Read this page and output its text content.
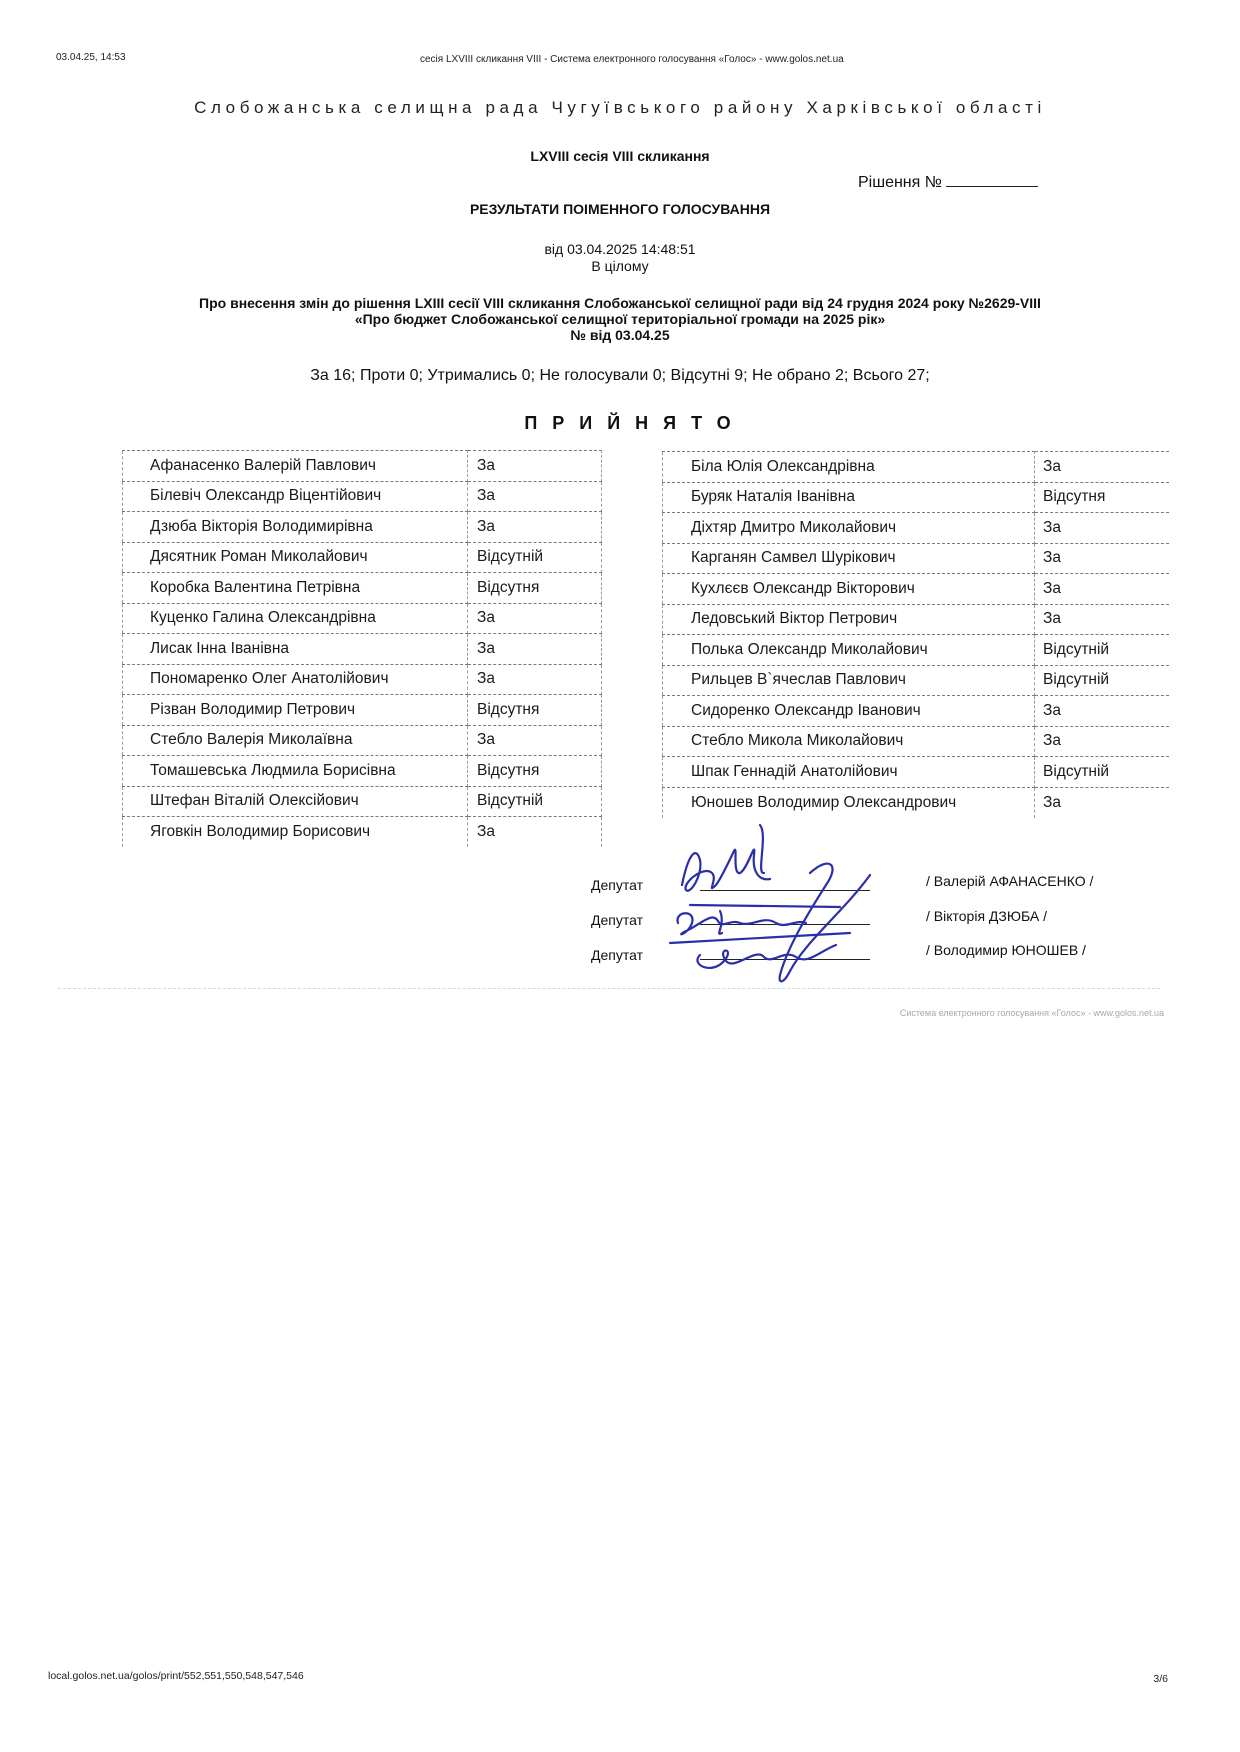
03.04.25, 14:53	сесія LXVIII скликання VIII - Система електронного голосування «Голос» - www.golos.net.ua
Слобожанська селищна рада Чугуївського району Харківської області
LXVIII сесія VIII скликання
Рішення №
РЕЗУЛЬТАТИ ПОІМЕННОГО ГОЛОСУВАННЯ
від 03.04.2025 14:48:51
В цілому
Про внесення змін до рішення LXIII сесії VIII скликання Слобожанської селищної ради від 24 грудня 2024 року №2629-VIII
«Про бюджет Слобожанської селищної територіальної громади на 2025 рік»
№ від 03.04.25
За 16; Проти 0; Утримались 0; Не голосували 0; Відсутні 9; Не обрано 2; Всього 27;
ПРИЙНЯТО
Афанасенко Валерій Павлович	За
Білевіч Олександр Віцентійович	За
Дзюба Вікторія Володимирівна	За
Дясятник Роман Миколайович	Відсутній
Коробка Валентина Петрівна	Відсутня
Куценко Галина Олександрівна	За
Лисак Інна Іванівна	За
Пономаренко Олег Анатолійович	За
Різван Володимир Петрович	Відсутня
Стебло Валерія Миколаївна	За
Томашевська Людмила Борисівна	Відсутня
Штефан Віталій Олексійович	Відсутній
Яговкін Володимир Борисович	За
Біла Юлія Олександрівна	За
Буряк Наталія Іванівна	Відсутня
Діхтяр Дмитро Миколайович	За
Карганян Самвел Шурікович	За
Кухлєєв Олександр Вікторович	За
Ледовський Віктор Петрович	За
Полька Олександр Миколайович	Відсутній
Рильцев В`ячеслав Павлович	Відсутній
Сидоренко Олександр Іванович	За
Стебло Микола Миколайович	За
Шпак Геннадій Анатолійович	Відсутній
Юношев Володимир Олександрович	За
Депутат
Депутат
Депутат
/ Валерій АФАНАСЕНКО /
/ Вікторія ДЗЮБА /
/ Володимир ЮНОШЕВ /
Система електронного голосування «Голос» - www.golos.net.ua
local.golos.net.ua/golos/print/552,551,550,548,547,546	3/6
